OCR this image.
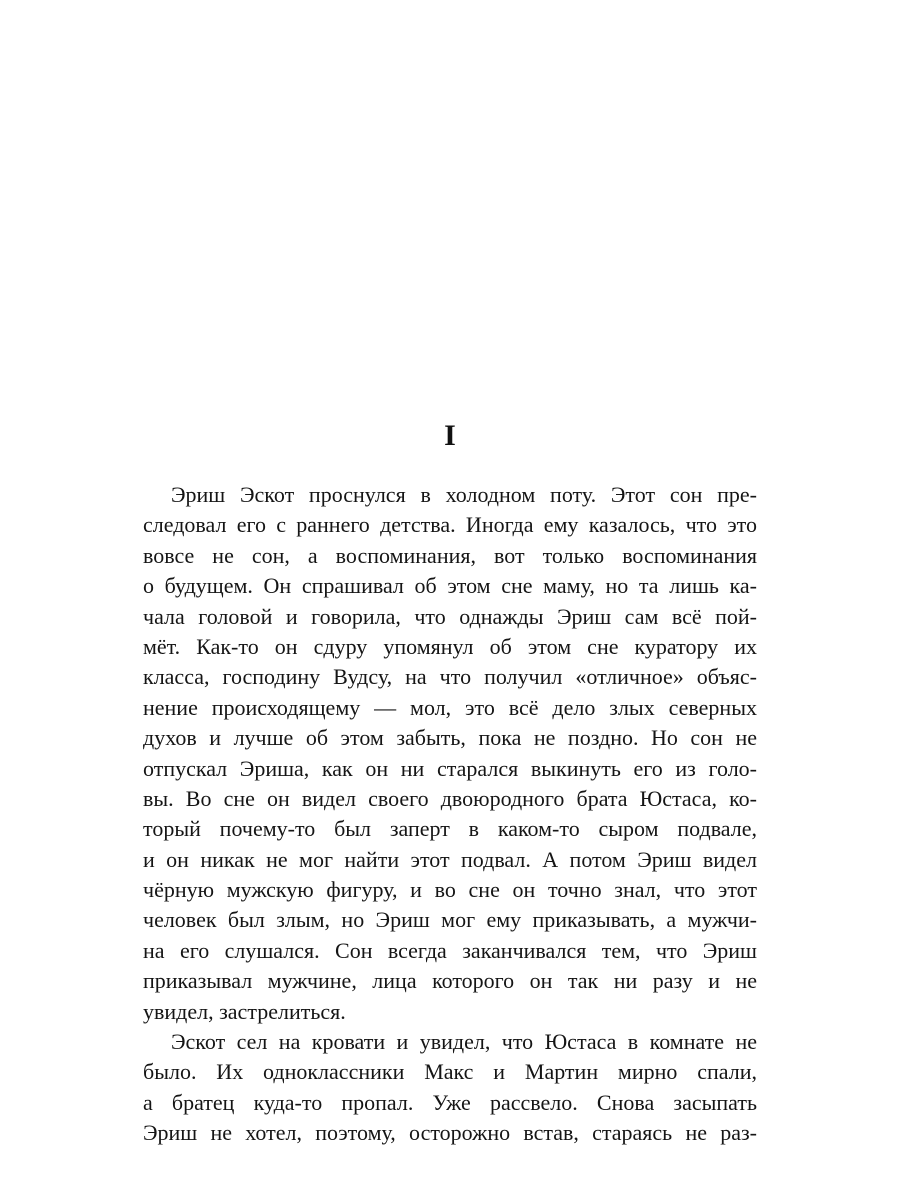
I
Эриш Эскот проснулся в холодном поту. Этот сон пре-
следовал его с раннего детства. Иногда ему казалось, что это
вовсе не сон, а воспоминания, вот только воспоминания
о будущем. Он спрашивал об этом сне маму, но та лишь ка-
чала головой и говорила, что однажды Эриш сам всё пой-
мёт. Как-то он сдуру упомянул об этом сне куратору их
класса, господину Вудсу, на что получил «отличное» объяс-
нение происходящему — мол, это всё дело злых северных
духов и лучше об этом забыть, пока не поздно. Но сон не
отпускал Эриша, как он ни старался выкинуть его из голо-
вы. Во сне он видел своего двоюродного брата Юстаса, ко-
торый почему-то был заперт в каком-то сыром подвале,
и он никак не мог найти этот подвал. А потом Эриш видел
чёрную мужскую фигуру, и во сне он точно знал, что этот
человек был злым, но Эриш мог ему приказывать, а мужчи-
на его слушался. Сон всегда заканчивался тем, что Эриш
приказывал мужчине, лица которого он так ни разу и не
увидел, застрелиться.
Эскот сел на кровати и увидел, что Юстаса в комнате не
было. Их одноклассники Макс и Мартин мирно спали,
а братец куда-то пропал. Уже рассвело. Снова засыпать
Эриш не хотел, поэтому, осторожно встав, стараясь не раз-
